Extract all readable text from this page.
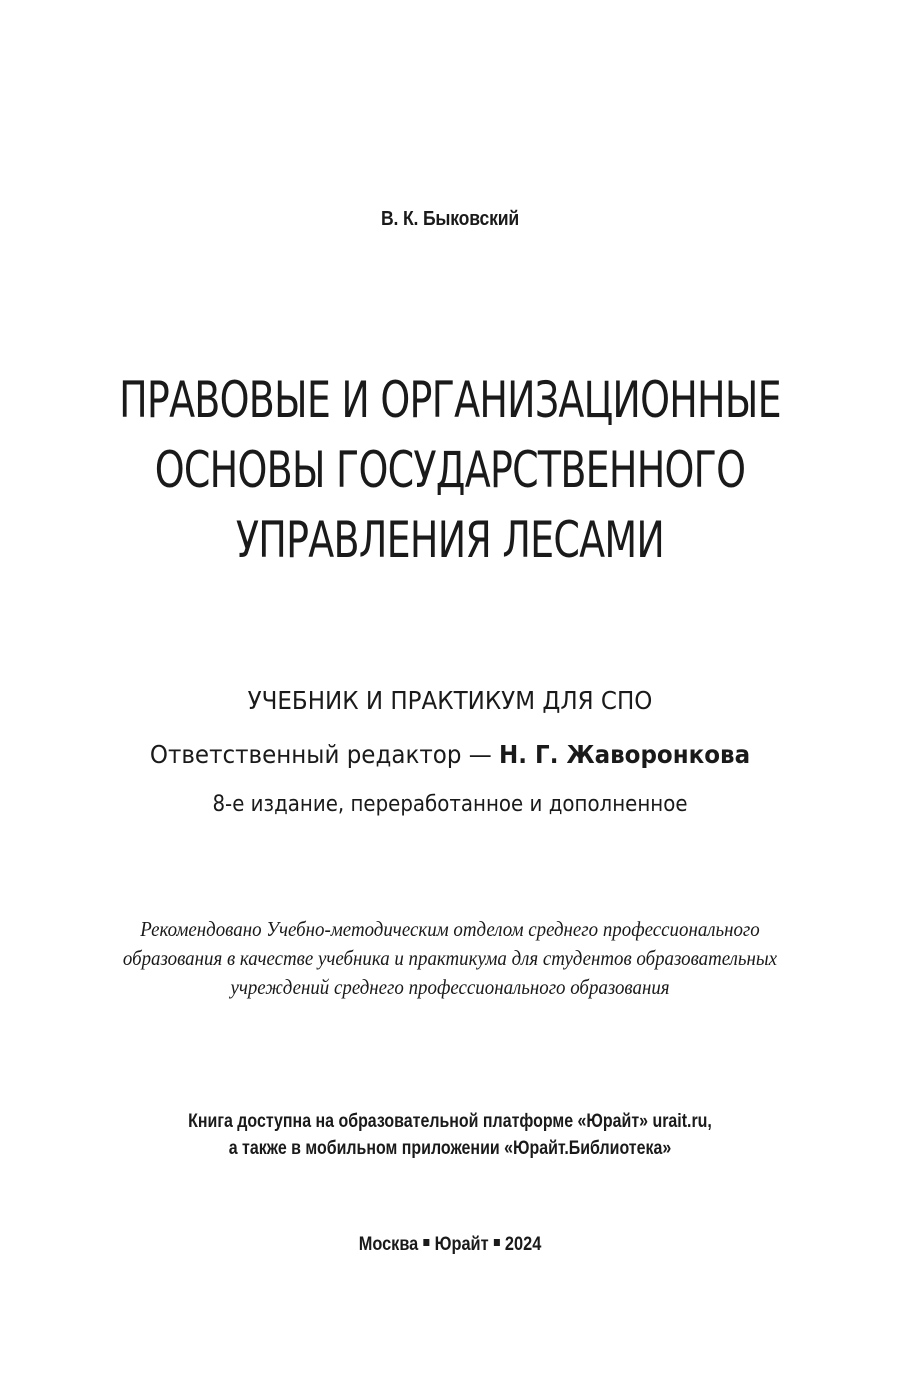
В. К. Быковский
ПРАВОВЫЕ И ОРГАНИЗАЦИОННЫЕ
ОСНОВЫ ГОСУДАРСТВЕННОГО
УПРАВЛЕНИЯ ЛЕСАМИ
УЧЕБНИК И ПРАКТИКУМ ДЛЯ СПО
Ответственный редактор — Н. Г. Жаворонкова
8-е издание, переработанное и дополненное
Рекомендовано Учебно-методическим отделом среднего профессионального
образования в качестве учебника и практикума для студентов образовательных
учреждений среднего профессионального образования
Книга доступна на образовательной платформе «Юрайт» urait.ru,
а также в мобильном приложении «Юрайт.Библиотека»
Москва Юрайт 2024
